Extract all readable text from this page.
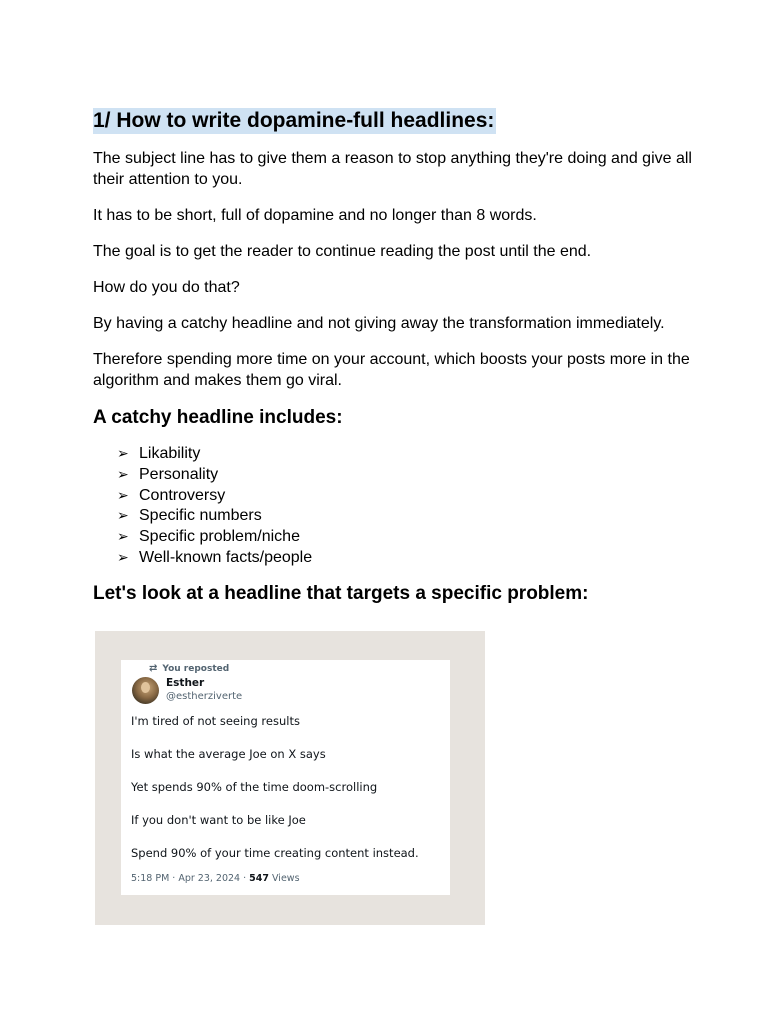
1/ How to write dopamine-full headlines:

The subject line has to give them a reason to stop anything they're doing and give all their attention to you.

It has to be short, full of dopamine and no longer than 8 words.

The goal is to get the reader to continue reading the post until the end.

How do you do that?

By having a catchy headline and not giving away the transformation immediately.

Therefore spending more time on your account, which boosts your posts more in the algorithm and makes them go viral.

A catchy headline includes:
➢ Likability
➢ Personality
➢ Controversy
➢ Specific numbers
➢ Specific problem/niche
➢ Well-known facts/people
Let's look at a headline that targets a specific problem:
⇄ You reposted
Esther
@estherziverte
I'm tired of not seeing results
Is what the average Joe on X says
Yet spends 90% of the time doom-scrolling
If you don't want to be like Joe
Spend 90% of your time creating content instead.
5:18 PM · Apr 23, 2024 · 547 Views
